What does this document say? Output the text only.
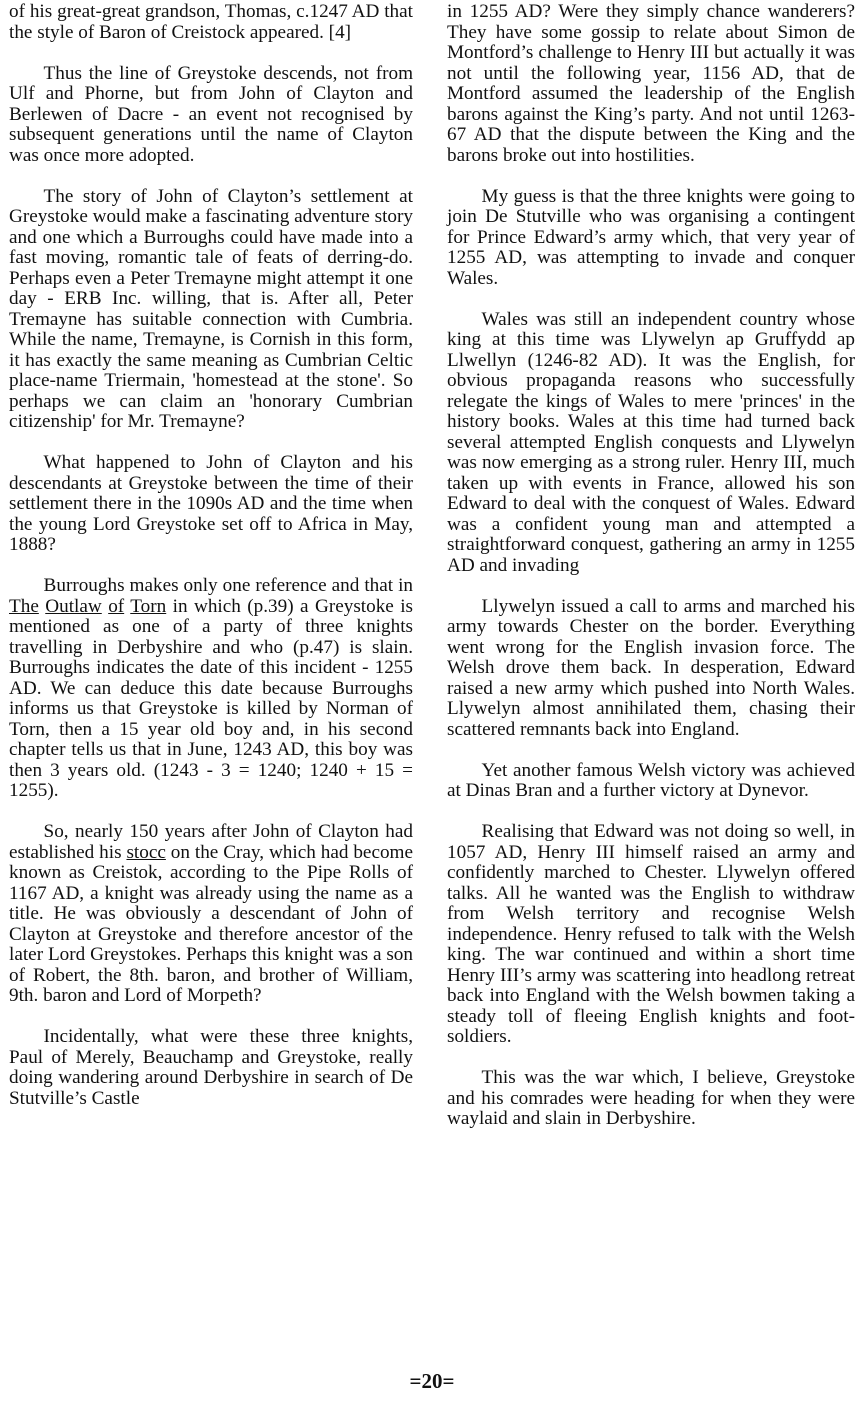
of his great-great grandson, Thomas, c.1247 AD that the style of Baron of Creistock appeared. [4]

Thus the line of Greystoke descends, not from Ulf and Phorne, but from John of Clayton and Berlewen of Dacre - an event not recognised by subsequent generations until the name of Clayton was once more adopted.

The story of John of Clayton’s settlement at Greystoke would make a fascinating adventure story and one which a Burroughs could have made into a fast moving, romantic tale of feats of derring-do. Perhaps even a Peter Tremayne might attempt it one day - ERB Inc. willing, that is. After all, Peter Tremayne has suitable connection with Cumbria. While the name, Tremayne, is Cornish in this form, it has exactly the same meaning as Cumbrian Celtic place-name Triermain, 'homestead at the stone'. So perhaps we can claim an 'honorary Cumbrian citizenship' for Mr. Tremayne?

What happened to John of Clayton and his descendants at Greystoke between the time of their settlement there in the 1090s AD and the time when the young Lord Greystoke set off to Africa in May, 1888?

Burroughs makes only one reference and that in The Outlaw of Torn in which (p.39) a Greystoke is mentioned as one of a party of three knights travelling in Derbyshire and who (p.47) is slain. Burroughs indicates the date of this incident - 1255 AD. We can deduce this date because Burroughs informs us that Greystoke is killed by Norman of Torn, then a 15 year old boy and, in his second chapter tells us that in June, 1243 AD, this boy was then 3 years old. (1243 - 3 = 1240; 1240 + 15 = 1255).

So, nearly 150 years after John of Clayton had established his stocc on the Cray, which had become known as Creistok, according to the Pipe Rolls of 1167 AD, a knight was already using the name as a title. He was obviously a descendant of John of Clayton at Greystoke and therefore ancestor of the later Lord Greystokes. Perhaps this knight was a son of Robert, the 8th. baron, and brother of William, 9th. baron and Lord of Morpeth?

Incidentally, what were these three knights, Paul of Merely, Beauchamp and Greystoke, really doing wandering around Derbyshire in search of De Stutville’s Castle

in 1255 AD? Were they simply chance wanderers? They have some gossip to relate about Simon de Montford’s challenge to Henry III but actually it was not until the following year, 1156 AD, that de Montford assumed the leadership of the English barons against the King’s party. And not until 1263-67 AD that the dispute between the King and the barons broke out into hostilities.

My guess is that the three knights were going to join De Stutville who was organising a contingent for Prince Edward’s army which, that very year of 1255 AD, was attempting to invade and conquer Wales.

Wales was still an independent country whose king at this time was Llywelyn ap Gruffydd ap Llwellyn (1246-82 AD). It was the English, for obvious propaganda reasons who successfully relegate the kings of Wales to mere 'princes' in the history books. Wales at this time had turned back several attempted English conquests and Llywelyn was now emerging as a strong ruler. Henry III, much taken up with events in France, allowed his son Edward to deal with the conquest of Wales. Edward was a confident young man and attempted a straightforward conquest, gathering an army in 1255 AD and invading

Llywelyn issued a call to arms and marched his army towards Chester on the border. Everything went wrong for the English invasion force. The Welsh drove them back. In desperation, Edward raised a new army which pushed into North Wales. Llywelyn almost annihilated them, chasing their scattered remnants back into England.

Yet another famous Welsh victory was achieved at Dinas Bran and a further victory at Dynevor.

Realising that Edward was not doing so well, in 1057 AD, Henry III himself raised an army and confidently marched to Chester. Llywelyn offered talks. All he wanted was the English to withdraw from Welsh territory and recognise Welsh independence. Henry refused to talk with the Welsh king. The war continued and within a short time Henry III’s army was scattering into headlong retreat back into England with the Welsh bowmen taking a steady toll of fleeing English knights and foot-soldiers.

This was the war which, I believe, Greystoke and his comrades were heading for when they were waylaid and slain in Derbyshire.

=20=
